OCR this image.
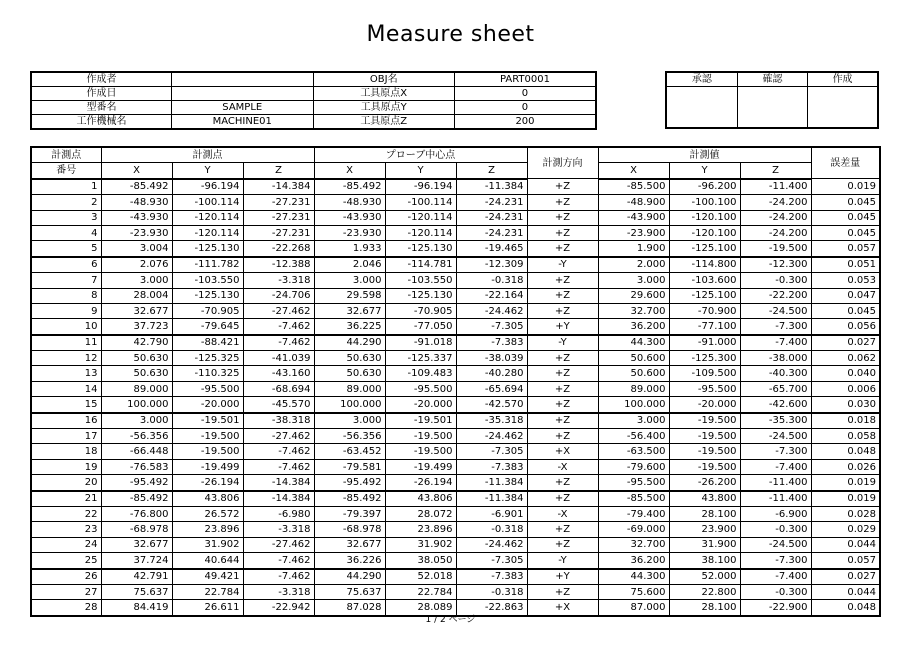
Measure sheet
作成者		OBJ名	PART0001
作成日		工具原点X	0
型番名	SAMPLE	工具原点Y	0
工作機械名	MACHINE01	工具原点Z	200
承認	確認	作成

計測点	計測点			プローブ中心点			計測方向	計測値			誤差量
番号	X	Y	Z	X	Y	Z		X	Y	Z	
1	-85.492	-96.194	-14.384	-85.492	-96.194	-11.384	+Z	-85.500	-96.200	-11.400	0.019
2	-48.930	-100.114	-27.231	-48.930	-100.114	-24.231	+Z	-48.900	-100.100	-24.200	0.045
3	-43.930	-120.114	-27.231	-43.930	-120.114	-24.231	+Z	-43.900	-120.100	-24.200	0.045
4	-23.930	-120.114	-27.231	-23.930	-120.114	-24.231	+Z	-23.900	-120.100	-24.200	0.045
5	3.004	-125.130	-22.268	1.933	-125.130	-19.465	+Z	1.900	-125.100	-19.500	0.057
6	2.076	-111.782	-12.388	2.046	-114.781	-12.309	-Y	2.000	-114.800	-12.300	0.051
7	3.000	-103.550	-3.318	3.000	-103.550	-0.318	+Z	3.000	-103.600	-0.300	0.053
8	28.004	-125.130	-24.706	29.598	-125.130	-22.164	+Z	29.600	-125.100	-22.200	0.047
9	32.677	-70.905	-27.462	32.677	-70.905	-24.462	+Z	32.700	-70.900	-24.500	0.045
10	37.723	-79.645	-7.462	36.225	-77.050	-7.305	+Y	36.200	-77.100	-7.300	0.056
11	42.790	-88.421	-7.462	44.290	-91.018	-7.383	-Y	44.300	-91.000	-7.400	0.027
12	50.630	-125.325	-41.039	50.630	-125.337	-38.039	+Z	50.600	-125.300	-38.000	0.062
13	50.630	-110.325	-43.160	50.630	-109.483	-40.280	+Z	50.600	-109.500	-40.300	0.040
14	89.000	-95.500	-68.694	89.000	-95.500	-65.694	+Z	89.000	-95.500	-65.700	0.006
15	100.000	-20.000	-45.570	100.000	-20.000	-42.570	+Z	100.000	-20.000	-42.600	0.030
16	3.000	-19.501	-38.318	3.000	-19.501	-35.318	+Z	3.000	-19.500	-35.300	0.018
17	-56.356	-19.500	-27.462	-56.356	-19.500	-24.462	+Z	-56.400	-19.500	-24.500	0.058
18	-66.448	-19.500	-7.462	-63.452	-19.500	-7.305	+X	-63.500	-19.500	-7.300	0.048
19	-76.583	-19.499	-7.462	-79.581	-19.499	-7.383	-X	-79.600	-19.500	-7.400	0.026
20	-95.492	-26.194	-14.384	-95.492	-26.194	-11.384	+Z	-95.500	-26.200	-11.400	0.019
21	-85.492	43.806	-14.384	-85.492	43.806	-11.384	+Z	-85.500	43.800	-11.400	0.019
22	-76.800	26.572	-6.980	-79.397	28.072	-6.901	-X	-79.400	28.100	-6.900	0.028
23	-68.978	23.896	-3.318	-68.978	23.896	-0.318	+Z	-69.000	23.900	-0.300	0.029
24	32.677	31.902	-27.462	32.677	31.902	-24.462	+Z	32.700	31.900	-24.500	0.044
25	37.724	40.644	-7.462	36.226	38.050	-7.305	-Y	36.200	38.100	-7.300	0.057
26	42.791	49.421	-7.462	44.290	52.018	-7.383	+Y	44.300	52.000	-7.400	0.027
27	75.637	22.784	-3.318	75.637	22.784	-0.318	+Z	75.600	22.800	-0.300	0.044
28	84.419	26.611	-22.942	87.028	28.089	-22.863	+X	87.000	28.100	-22.900	0.048
1 / 2 ページ
